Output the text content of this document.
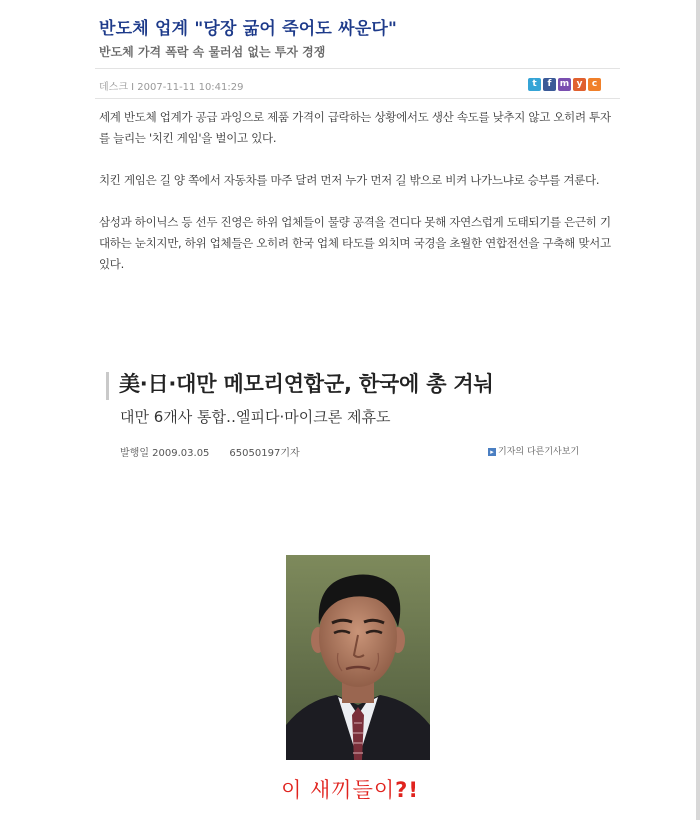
반도체 업계 "당장 굶어 죽어도 싸운다"
반도체 가격 폭락 속 물러섬 없는 투자 경쟁
데스크 I 2007-11-11 10:41:29	t	f m y	c

세계 반도체 업계가 공급 과잉으로 제품 가격이 급락하는 상황에서도 생산 속도를 낮추지 않고 오히려 투자를 늘리는 '치킨 게임'을 벌이고 있다.

치킨 게임은 길 양 쪽에서 자동차를 마주 달려 먼저 누가 먼저 길 밖으로 비켜 나가느냐로 승부를 겨룬다.

삼성과 하이닉스 등 선두 진영은 하위 업체들이 물량 공격을 견디다 못해 자연스럽게 도태되기를 은근히 기대하는 눈치지만, 하위 업체들은 오히려 한국 업체 타도를 외치며 국경을 초월한 연합전선을 구축해 맞서고 있다.

美·日·대만 메모리연합군, 한국에 총 겨눠
대만 6개사 통합‥엘피다·마이크론 제휴도
발행일 2009.03.05 65050197기자	▸ 기자의 다른기사보기
이 새끼들이?!
